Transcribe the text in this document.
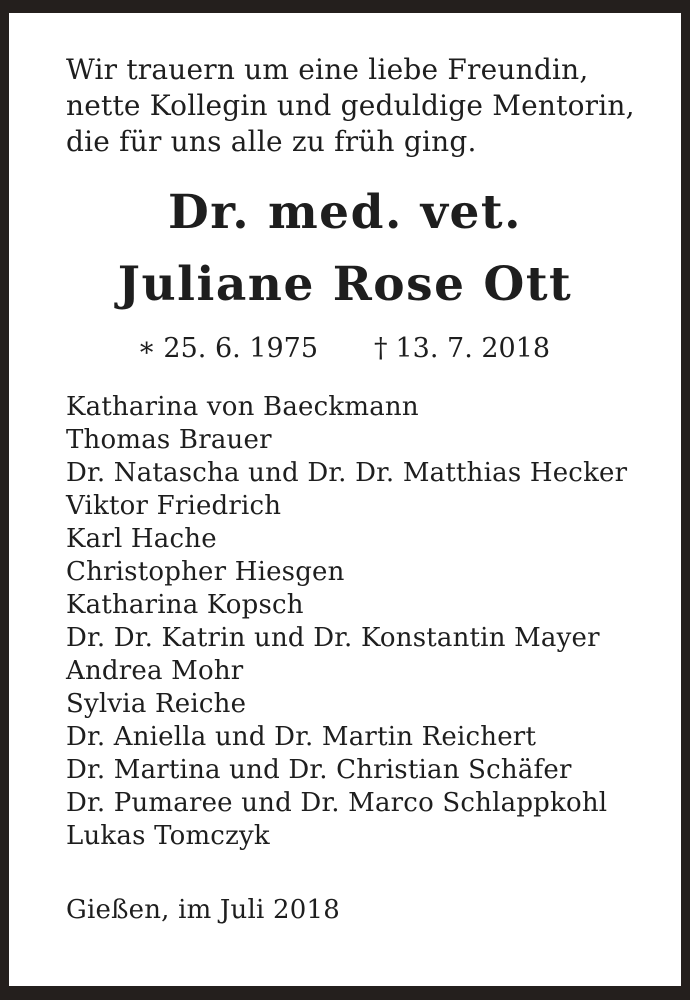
Wir trauern um eine liebe Freundin,
nette Kollegin und geduldige Mentorin,
die für uns alle zu früh ging.
Dr. med. vet.
Juliane Rose Ott
* 25. 6. 1975 † 13. 7. 2018
Katharina von Baeckmann
Thomas Brauer
Dr. Natascha und Dr. Dr. Matthias Hecker
Viktor Friedrich
Karl Hache
Christopher Hiesgen
Katharina Kopsch
Dr. Dr. Katrin und Dr. Konstantin Mayer
Andrea Mohr
Sylvia Reiche
Dr. Aniella und Dr. Martin Reichert
Dr. Martina und Dr. Christian Schäfer
Dr. Pumaree und Dr. Marco Schlappkohl
Lukas Tomczyk
Gießen, im Juli 2018
